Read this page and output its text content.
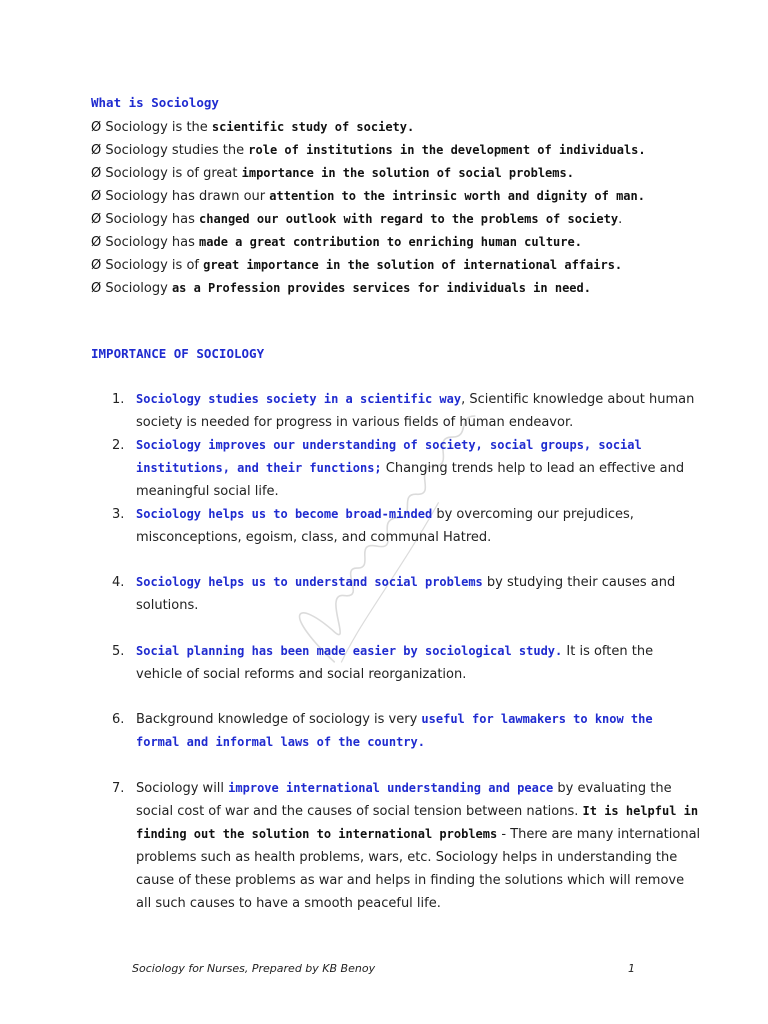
What is Sociology
Ø Sociology is the scientific study of society.
Ø Sociology studies the role of institutions in the development of individuals.
Ø Sociology is of great importance in the solution of social problems.
Ø Sociology has drawn our attention to the intrinsic worth and dignity of man.
Ø Sociology has changed our outlook with regard to the problems of society.
Ø Sociology has made a great contribution to enriching human culture.
Ø Sociology is of great importance in the solution of international affairs.
Ø Sociology as a Profession provides services for individuals in need.
IMPORTANCE OF SOCIOLOGY
1. Sociology studies society in a scientific way, Scientific knowledge about human
society is needed for progress in various fields of human endeavor.
2. Sociology improves our understanding of society, social groups, social
institutions, and their functions; Changing trends help to lead an effective and
meaningful social life.
3. Sociology helps us to become broad-minded by overcoming our prejudices,
misconceptions, egoism, class, and communal Hatred.
4. Sociology helps us to understand social problems by studying their causes and
solutions.
5. Social planning has been made easier by sociological study. It is often the
vehicle of social reforms and social reorganization.
6. Background knowledge of sociology is very useful for lawmakers to know the
formal and informal laws of the country.
7. Sociology will improve international understanding and peace by evaluating the
social cost of war and the causes of social tension between nations. It is helpful in
finding out the solution to international problems - There are many international
problems such as health problems, wars, etc. Sociology helps in understanding the
cause of these problems as war and helps in finding the solutions which will remove
all such causes to have a smooth peaceful life.
Sociology for Nurses, Prepared by KB Benoy	1
